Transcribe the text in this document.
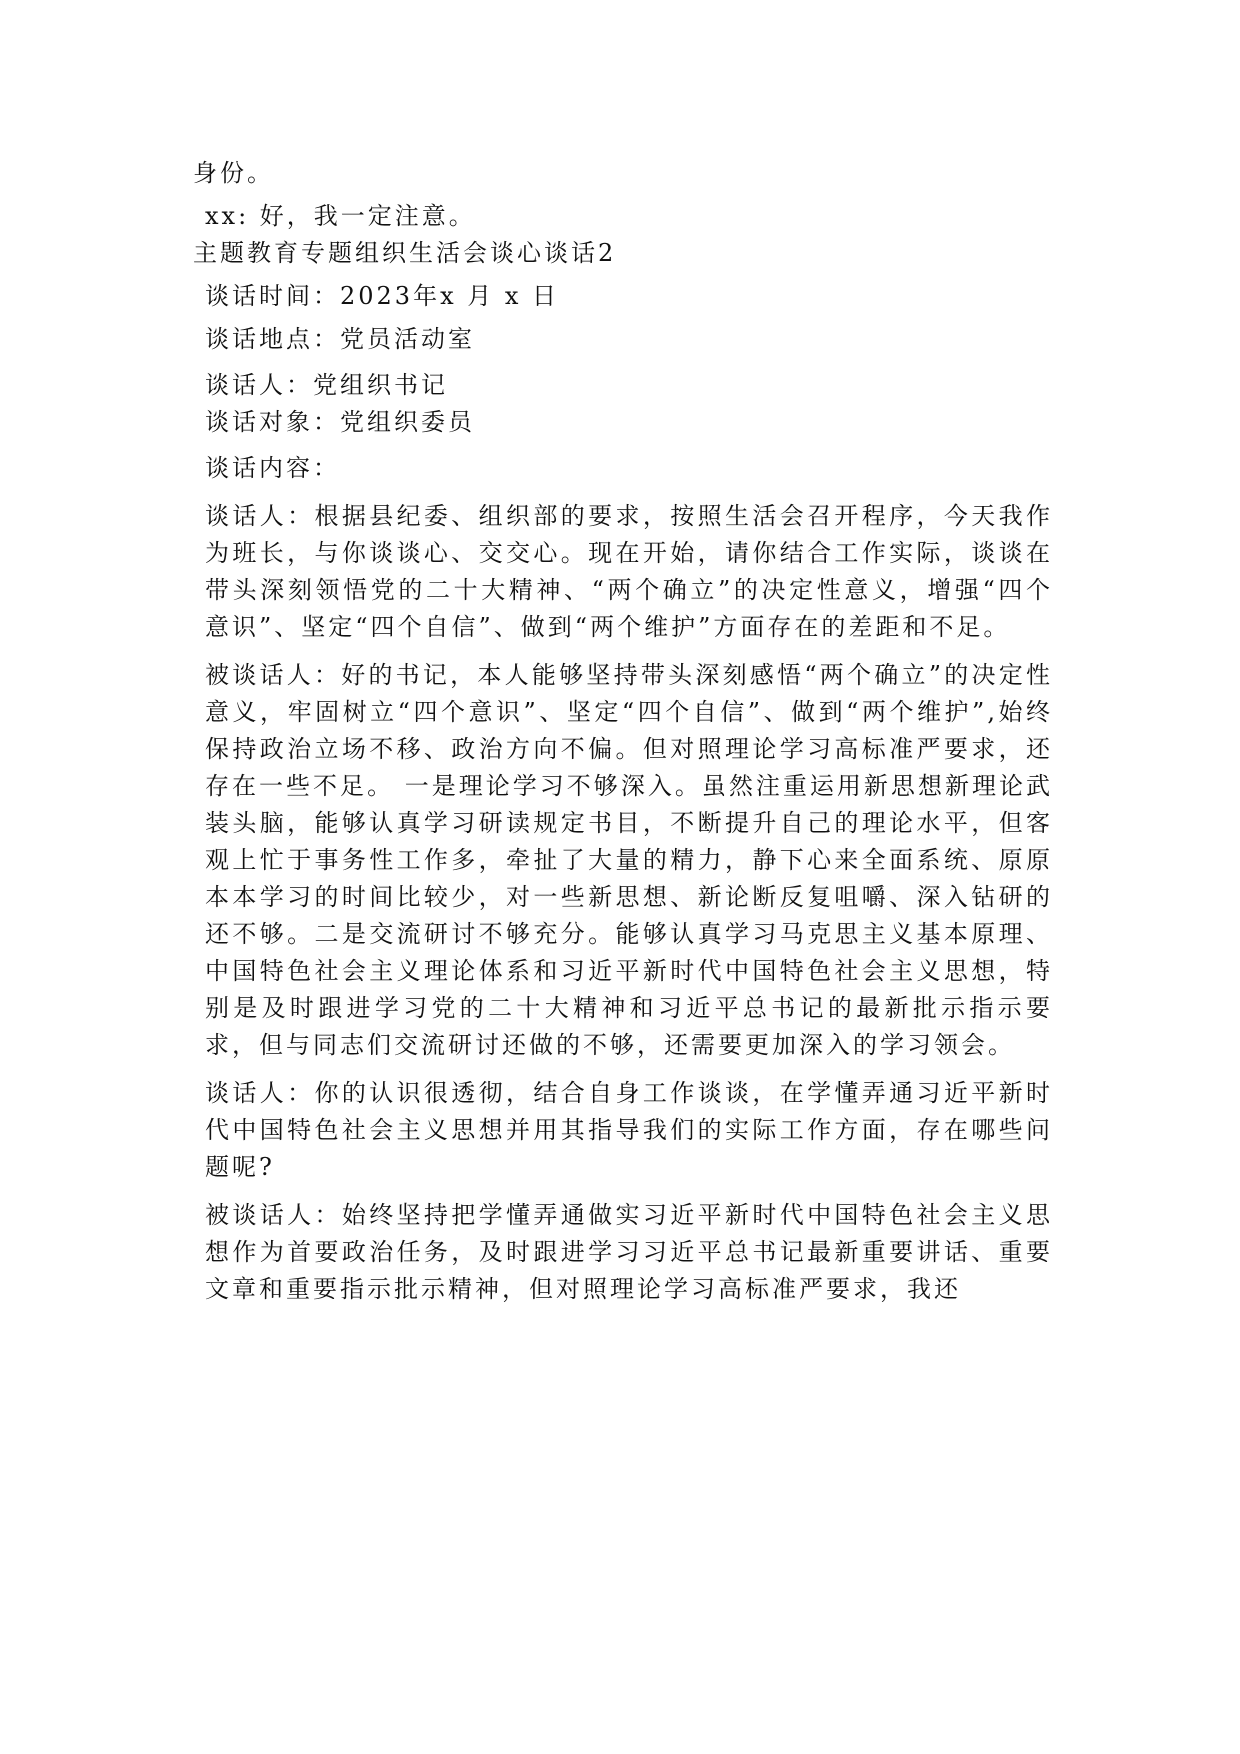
身份。

xx: 好，我一定注意。

主题教育专题组织生活会谈心谈话2

谈话时间：2023年x 月 x 日

谈话地点：党员活动室

谈话人：党组织书记

谈话对象：党组织委员

谈话内容：

谈话人：根据县纪委、组织部的要求，按照生活会召开程序，今天我作为班长，与你谈谈心、交交心。现在开始，请你结合工作实际，谈谈在带头深刻领悟党的二十大精神、“两个确立”的决定性意义，增强“四个意识”、坚定“四个自信”、做到“两个维护”方面存在的差距和不足。

被谈话人：好的书记，本人能够坚持带头深刻感悟“两个确立”的决定性意义，牢固树立“四个意识”、坚定“四个自信”、做到“两个维护”,始终保持政治立场不移、政治方向不偏。但对照理论学习高标准严要求，还存在一些不足。 一是理论学习不够深入。虽然注重运用新思想新理论武装头脑，能够认真学习研读规定书目，不断提升自己的理论水平，但客观上忙于事务性工作多，牵扯了大量的精力，静下心来全面系统、原原本本学习的时间比较少，对一些新思想、新论断反复咀嚼、深入钻研的还不够。二是交流研讨不够充分。能够认真学习马克思主义基本原理、中国特色社会主义理论体系和习近平新时代中国特色社会主义思想，特别是及时跟进学习党的二十大精神和习近平总书记的最新批示指示要求，但与同志们交流研讨还做的不够，还需要更加深入的学习领会。

谈话人：你的认识很透彻，结合自身工作谈谈，在学懂弄通习近平新时代中国特色社会主义思想并用其指导我们的实际工作方面，存在哪些问题呢?

被谈话人：始终坚持把学懂弄通做实习近平新时代中国特色社会主义思想作为首要政治任务，及时跟进学习习近平总书记最新重要讲话、重要文章和重要指示批示精神，但对照理论学习高标准严要求，我还
